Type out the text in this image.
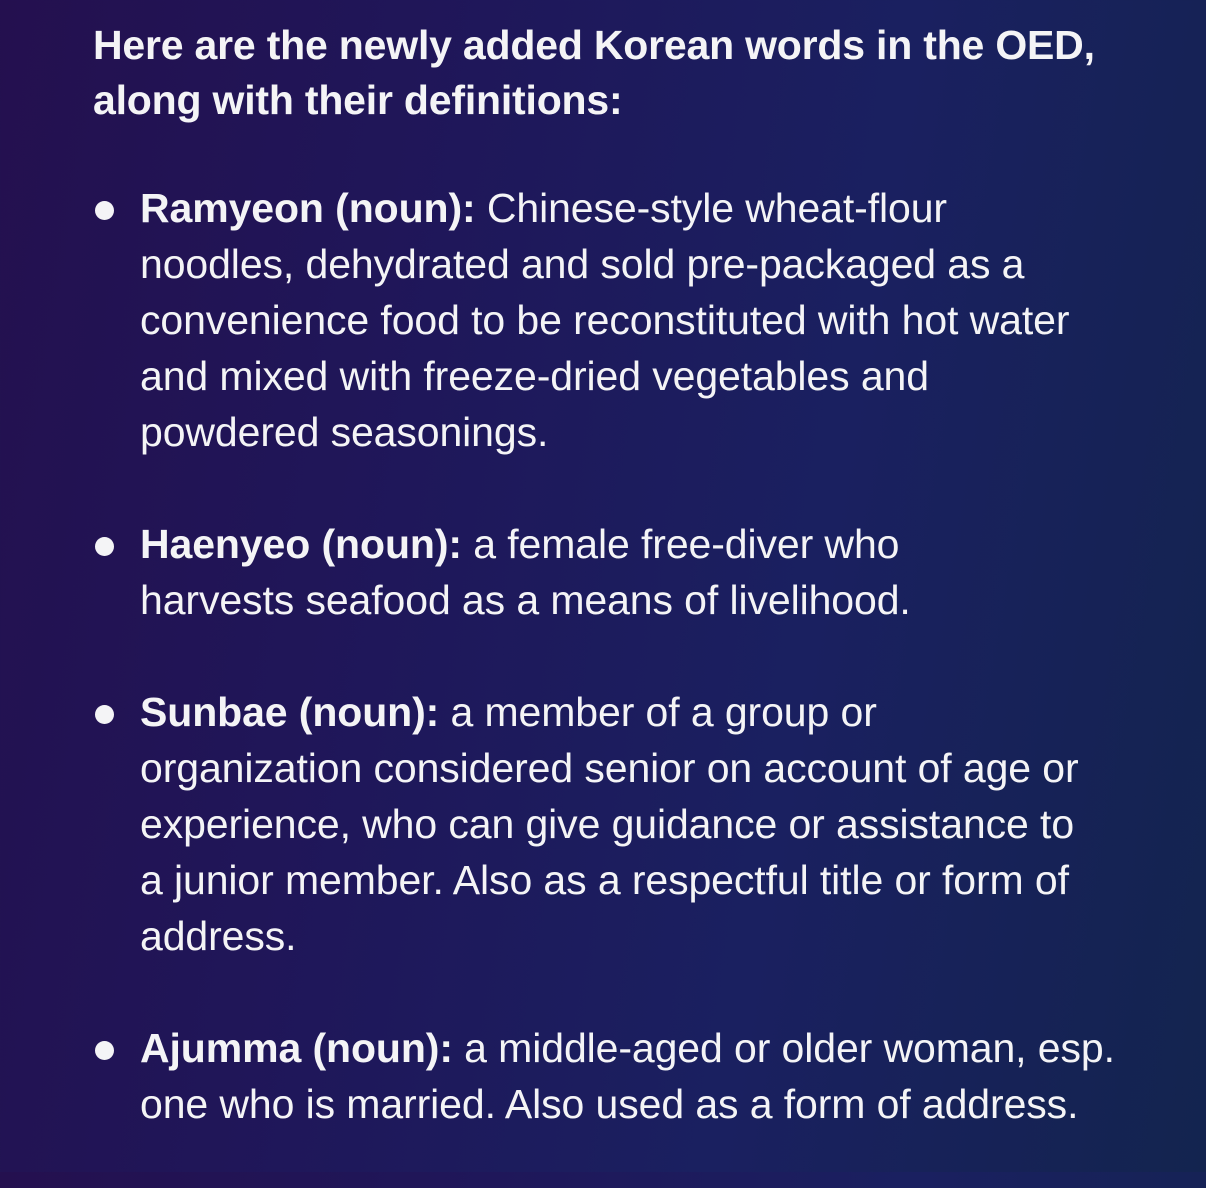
Here are the newly added Korean words in the OED, along with their definitions:
Ramyeon (noun): Chinese-style wheat-flour noodles, dehydrated and sold pre-packaged as a convenience food to be reconstituted with hot water and mixed with freeze-dried vegetables and powdered seasonings.
Haenyeo (noun): a female free-diver who harvests seafood as a means of livelihood.
Sunbae (noun): a member of a group or organization considered senior on account of age or experience, who can give guidance or assistance to a junior member. Also as a respectful title or form of address.
Ajumma (noun): a middle-aged or older woman, esp. one who is married. Also used as a form of address.
